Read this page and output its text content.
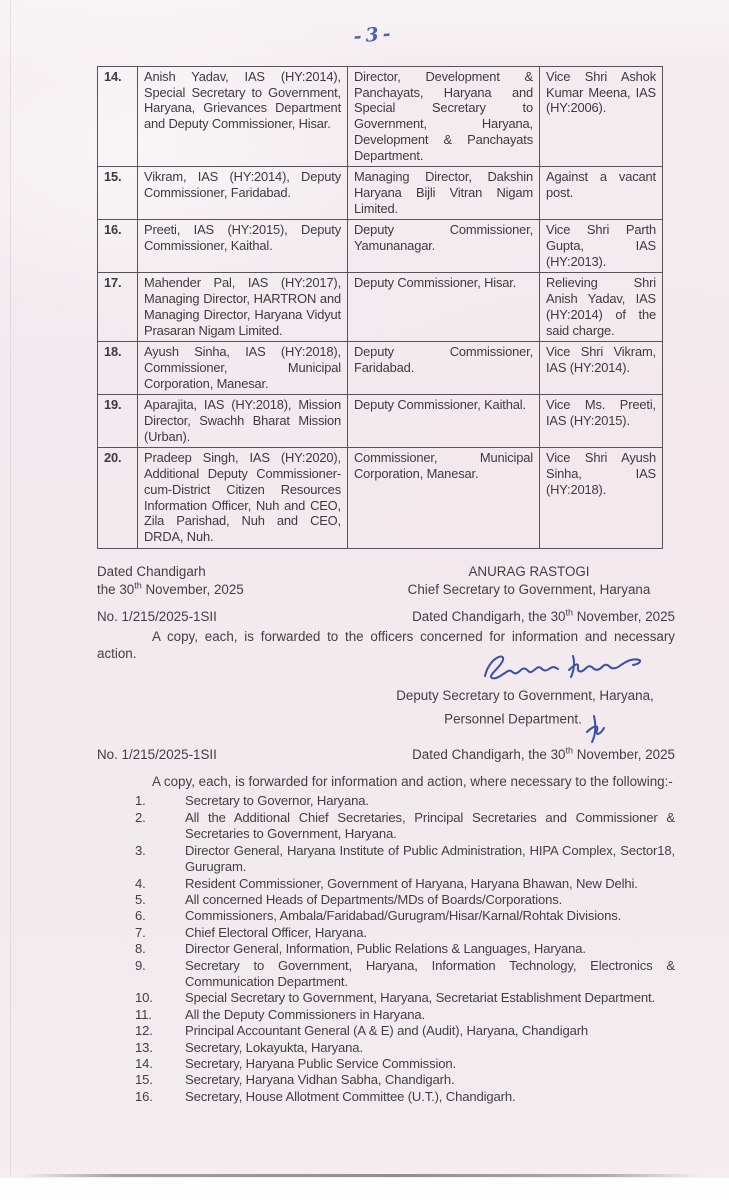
-3-
14.	Anish Yadav, IAS (HY:2014), Special Secretary to Government, Haryana, Grievances Department and Deputy Commissioner, Hisar.	Director, Development & Panchayats, Haryana and Special Secretary to Government, Haryana, Development & Panchayats Department.	Vice Shri Ashok Kumar Meena, IAS (HY:2006).
15.	Vikram, IAS (HY:2014), Deputy Commissioner, Faridabad.	Managing Director, Dakshin Haryana Bijli Vitran Nigam Limited.	Against a vacant post.
16.	Preeti, IAS (HY:2015), Deputy Commissioner, Kaithal.	Deputy Commissioner, Yamunanagar.	Vice Shri Parth Gupta, IAS (HY:2013).
17.	Mahender Pal, IAS (HY:2017), Managing Director, HARTRON and Managing Director, Haryana Vidyut Prasaran Nigam Limited.	Deputy Commissioner, Hisar.	Relieving Shri Anish Yadav, IAS (HY:2014) of the said charge.
18.	Ayush Sinha, IAS (HY:2018), Commissioner, Municipal Corporation, Manesar.	Deputy Commissioner, Faridabad.	Vice Shri Vikram, IAS (HY:2014).
19.	Aparajita, IAS (HY:2018), Mission Director, Swachh Bharat Mission (Urban).	Deputy Commissioner, Kaithal.	Vice Ms. Preeti, IAS (HY:2015).
20.	Pradeep Singh, IAS (HY:2020), Additional Deputy Commissioner-cum-District Citizen Resources Information Officer, Nuh and CEO, Zila Parishad, Nuh and CEO, DRDA, Nuh.	Commissioner, Municipal Corporation, Manesar.	Vice Shri Ayush Sinha, IAS (HY:2018).
Dated Chandigarh
the 30th November, 2025
ANURAG RASTOGI
Chief Secretary to Government, Haryana
No. 1/215/2025-1SII	Dated Chandigarh, the 30th November, 2025
A copy, each, is forwarded to the officers concerned for information and necessary action.
Deputy Secretary to Government, Haryana,
Personnel Department.
No. 1/215/2025-1SII	Dated Chandigarh, the 30th November, 2025
A copy, each, is forwarded for information and action, where necessary to the following:-
1.	Secretary to Governor, Haryana.
2.	All the Additional Chief Secretaries, Principal Secretaries and Commissioner & Secretaries to Government, Haryana.
3.	Director General, Haryana Institute of Public Administration, HIPA Complex, Sector18, Gurugram.
4.	Resident Commissioner, Government of Haryana, Haryana Bhawan, New Delhi.
5.	All concerned Heads of Departments/MDs of Boards/Corporations.
6.	Commissioners, Ambala/Faridabad/Gurugram/Hisar/Karnal/Rohtak Divisions.
7.	Chief Electoral Officer, Haryana.
8.	Director General, Information, Public Relations & Languages, Haryana.
9.	Secretary to Government, Haryana, Information Technology, Electronics & Communication Department.
10.	Special Secretary to Government, Haryana, Secretariat Establishment Department.
11.	All the Deputy Commissioners in Haryana.
12.	Principal Accountant General (A & E) and (Audit), Haryana, Chandigarh
13.	Secretary, Lokayukta, Haryana.
14.	Secretary, Haryana Public Service Commission.
15.	Secretary, Haryana Vidhan Sabha, Chandigarh.
16.	Secretary, House Allotment Committee (U.T.), Chandigarh.
